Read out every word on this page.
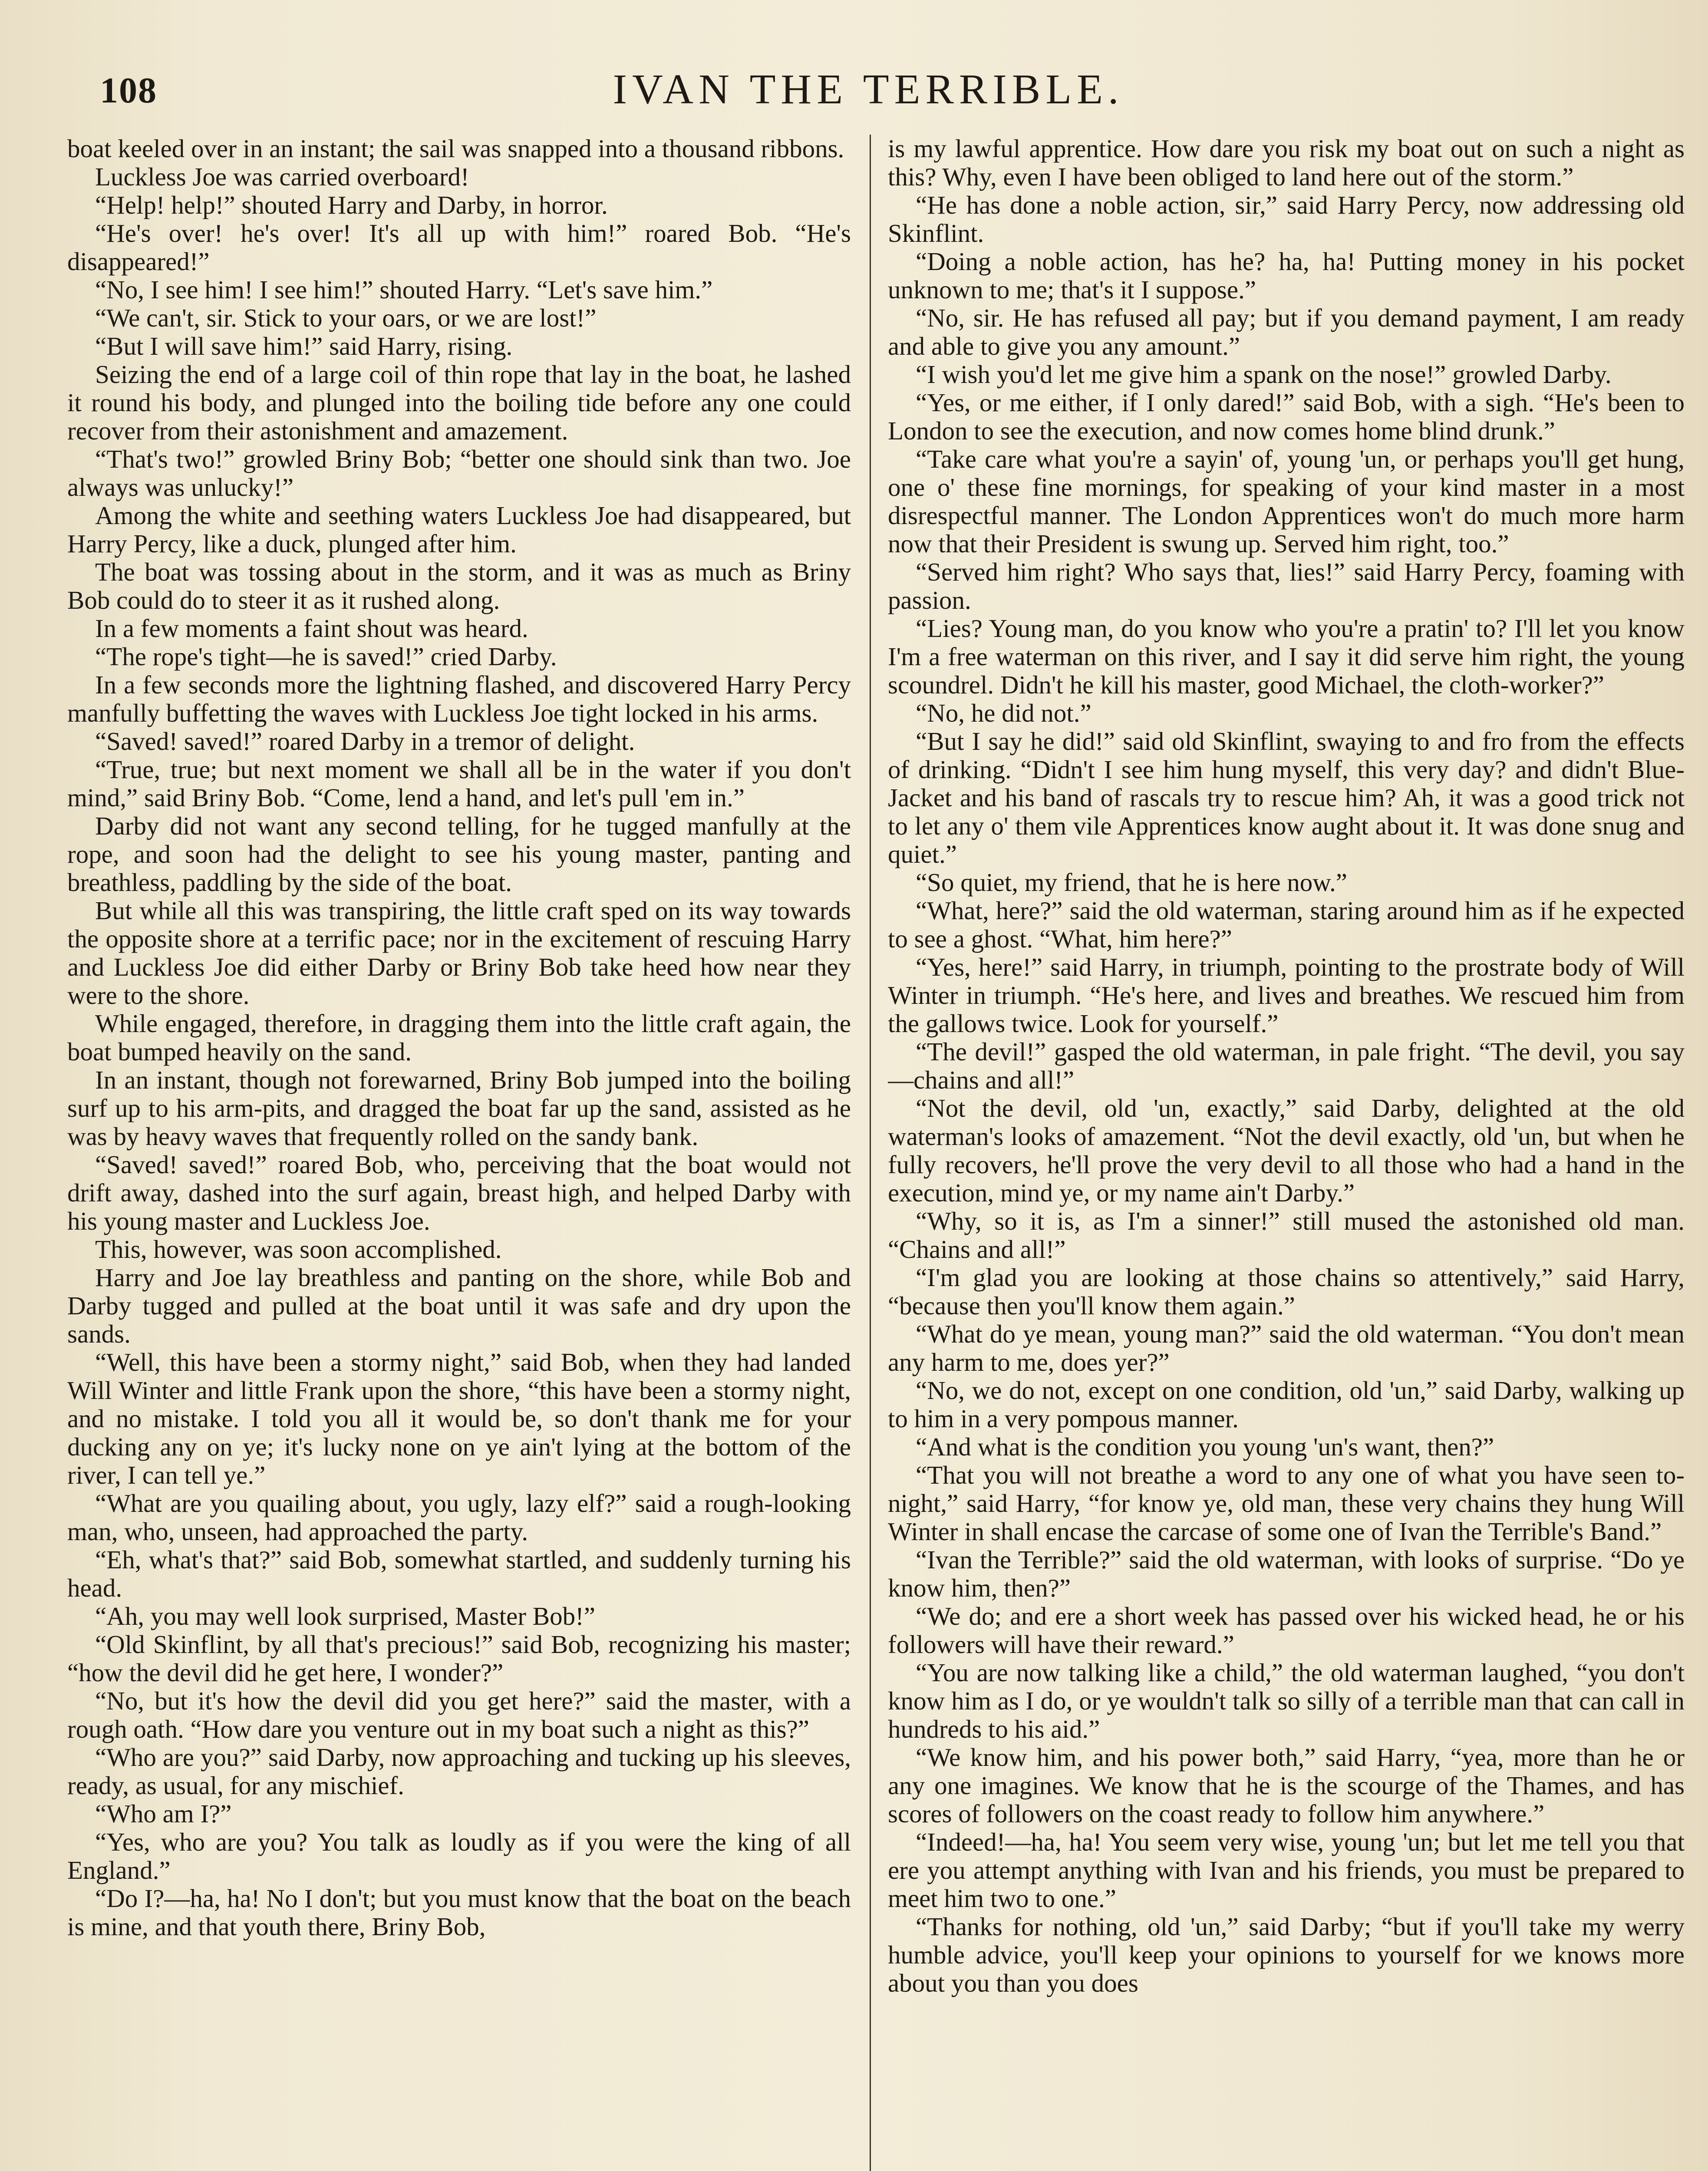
108	IVAN THE TERRIBLE.

boat keeled over in an instant; the sail was snapped into a thousand ribbons.

Luckless Joe was carried overboard!

“Help! help!” shouted Harry and Darby, in horror.

“He's over! he's over! It's all up with him!” roared Bob. “He's disappeared!”

“No, I see him! I see him!” shouted Harry. “Let's save him.”

“We can't, sir. Stick to your oars, or we are lost!”

“But I will save him!” said Harry, rising.

Seizing the end of a large coil of thin rope that lay in the boat, he lashed it round his body, and plunged into the boiling tide before any one could recover from their astonishment and amazement.

“That's two!” growled Briny Bob; “better one should sink than two. Joe always was unlucky!”

Among the white and seething waters Luckless Joe had disappeared, but Harry Percy, like a duck, plunged after him.

The boat was tossing about in the storm, and it was as much as Briny Bob could do to steer it as it rushed along.

In a few moments a faint shout was heard.

“The rope's tight—he is saved!” cried Darby.

In a few seconds more the lightning flashed, and discovered Harry Percy manfully buffetting the waves with Luckless Joe tight locked in his arms.

“Saved! saved!” roared Darby in a tremor of delight.

“True, true; but next moment we shall all be in the water if you don't mind,” said Briny Bob. “Come, lend a hand, and let's pull 'em in.”

Darby did not want any second telling, for he tugged manfully at the rope, and soon had the delight to see his young master, panting and breathless, paddling by the side of the boat.

But while all this was transpiring, the little craft sped on its way towards the opposite shore at a terrific pace; nor in the excitement of rescuing Harry and Luckless Joe did either Darby or Briny Bob take heed how near they were to the shore.

While engaged, therefore, in dragging them into the little craft again, the boat bumped heavily on the sand.

In an instant, though not forewarned, Briny Bob jumped into the boiling surf up to his arm-pits, and dragged the boat far up the sand, assisted as he was by heavy waves that frequently rolled on the sandy bank.

“Saved! saved!” roared Bob, who, perceiving that the boat would not drift away, dashed into the surf again, breast high, and helped Darby with his young master and Luckless Joe.

This, however, was soon accomplished.

Harry and Joe lay breathless and panting on the shore, while Bob and Darby tugged and pulled at the boat until it was safe and dry upon the sands.

“Well, this have been a stormy night,” said Bob, when they had landed Will Winter and little Frank upon the shore, “this have been a stormy night, and no mistake. I told you all it would be, so don't thank me for your ducking any on ye; it's lucky none on ye ain't lying at the bottom of the river, I can tell ye.”

“What are you quailing about, you ugly, lazy elf?” said a rough-looking man, who, unseen, had approached the party.

“Eh, what's that?” said Bob, somewhat startled, and suddenly turning his head.

“Ah, you may well look surprised, Master Bob!”

“Old Skinflint, by all that's precious!” said Bob, recognizing his master; “how the devil did he get here, I wonder?”

“No, but it's how the devil did you get here?” said the master, with a rough oath. “How dare you venture out in my boat such a night as this?”

“Who are you?” said Darby, now approaching and tucking up his sleeves, ready, as usual, for any mischief.

“Who am I?”

“Yes, who are you? You talk as loudly as if you were the king of all England.”

“Do I?—ha, ha! No I don't; but you must know that the boat on the beach is mine, and that youth there, Briny Bob,

is my lawful apprentice. How dare you risk my boat out on such a night as this? Why, even I have been obliged to land here out of the storm.”

“He has done a noble action, sir,” said Harry Percy, now addressing old Skinflint.

“Doing a noble action, has he? ha, ha! Putting money in his pocket unknown to me; that's it I suppose.”

“No, sir. He has refused all pay; but if you demand payment, I am ready and able to give you any amount.”

“I wish you'd let me give him a spank on the nose!” growled Darby.

“Yes, or me either, if I only dared!” said Bob, with a sigh. “He's been to London to see the execution, and now comes home blind drunk.”

“Take care what you're a sayin' of, young 'un, or perhaps you'll get hung, one o' these fine mornings, for speaking of your kind master in a most disrespectful manner. The London Apprentices won't do much more harm now that their President is swung up. Served him right, too.”

“Served him right? Who says that, lies!” said Harry Percy, foaming with passion.

“Lies? Young man, do you know who you're a pratin' to? I'll let you know I'm a free waterman on this river, and I say it did serve him right, the young scoundrel. Didn't he kill his master, good Michael, the cloth-worker?”

“No, he did not.”

“But I say he did!” said old Skinflint, swaying to and fro from the effects of drinking. “Didn't I see him hung myself, this very day? and didn't Blue-Jacket and his band of rascals try to rescue him? Ah, it was a good trick not to let any o' them vile Apprentices know aught about it. It was done snug and quiet.”

“So quiet, my friend, that he is here now.”

“What, here?” said the old waterman, staring around him as if he expected to see a ghost. “What, him here?”

“Yes, here!” said Harry, in triumph, pointing to the prostrate body of Will Winter in triumph. “He's here, and lives and breathes. We rescued him from the gallows twice. Look for yourself.”

“The devil!” gasped the old waterman, in pale fright. “The devil, you say—chains and all!”

“Not the devil, old 'un, exactly,” said Darby, delighted at the old waterman's looks of amazement. “Not the devil exactly, old 'un, but when he fully recovers, he'll prove the very devil to all those who had a hand in the execution, mind ye, or my name ain't Darby.”

“Why, so it is, as I'm a sinner!” still mused the astonished old man. “Chains and all!”

“I'm glad you are looking at those chains so attentively,” said Harry, “because then you'll know them again.”

“What do ye mean, young man?” said the old waterman. “You don't mean any harm to me, does yer?”

“No, we do not, except on one condition, old 'un,” said Darby, walking up to him in a very pompous manner.

“And what is the condition you young 'un's want, then?”

“That you will not breathe a word to any one of what you have seen to-night,” said Harry, “for know ye, old man, these very chains they hung Will Winter in shall encase the carcase of some one of Ivan the Terrible's Band.”

“Ivan the Terrible?” said the old waterman, with looks of surprise. “Do ye know him, then?”

“We do; and ere a short week has passed over his wicked head, he or his followers will have their reward.”

“You are now talking like a child,” the old waterman laughed, “you don't know him as I do, or ye wouldn't talk so silly of a terrible man that can call in hundreds to his aid.”

“We know him, and his power both,” said Harry, “yea, more than he or any one imagines. We know that he is the scourge of the Thames, and has scores of followers on the coast ready to follow him anywhere.”

“Indeed!—ha, ha! You seem very wise, young 'un; but let me tell you that ere you attempt anything with Ivan and his friends, you must be prepared to meet him two to one.”

“Thanks for nothing, old 'un,” said Darby; “but if you'll take my werry humble advice, you'll keep your opinions to yourself for we knows more about you than you does
